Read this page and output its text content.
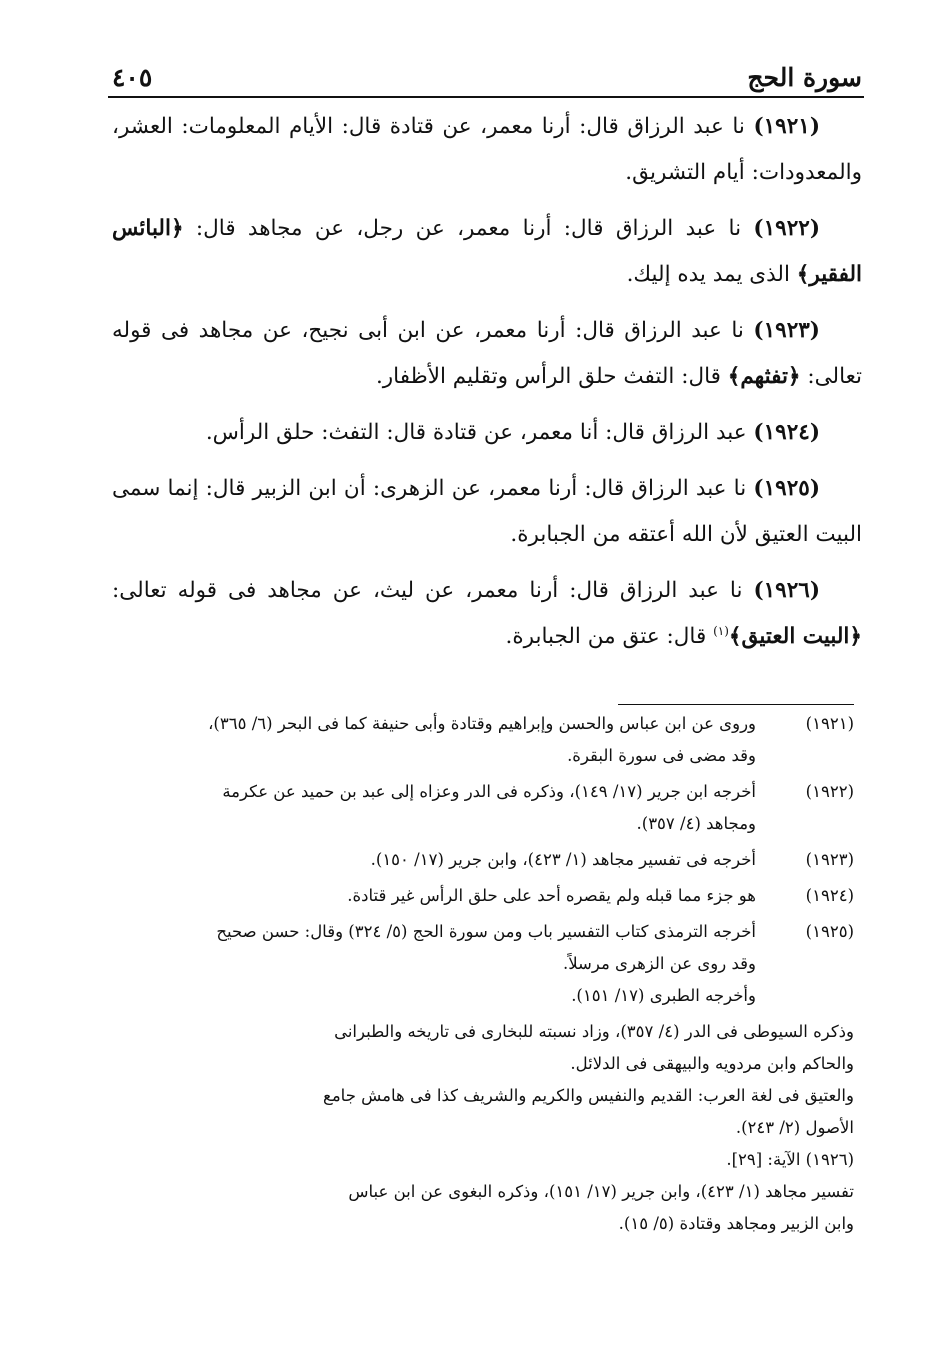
سورة الحج
٤٠٥

(١٩٢١) نا عبد الرزاق قال: أرنا معمر، عن قتادة قال: الأيام المعلومات: العشر، والمعدودات: أيام التشريق.

(١٩٢٢) نا عبد الرزاق قال: أرنا معمر، عن رجل، عن مجاهد قال: ﴿البائس الفقير﴾ الذى يمد يده إليك.

(١٩٢٣) نا عبد الرزاق قال: أرنا معمر، عن ابن أبى نجيح، عن مجاهد فى قوله تعالى: ﴿تفثهم﴾ قال: التفث حلق الرأس وتقليم الأظفار.

(١٩٢٤) عبد الرزاق قال: أنا معمر، عن قتادة قال: التفث: حلق الرأس.

(١٩٢٥) نا عبد الرزاق قال: أرنا معمر، عن الزهرى: أن ابن الزبير قال: إنما سمى البيت العتيق لأن الله أعتقه من الجبابرة.

(١٩٢٦) نا عبد الرزاق قال: أرنا معمر، عن ليث، عن مجاهد فى قوله تعالى: ﴿البيت العتيق﴾$^{(١)}$ قال: عتق من الجبابرة.

(١٩٢١)
وروى عن ابن عباس والحسن وإبراهيم وقتادة وأبى حنيفة كما فى البحر (٦/ ٣٦٥)،
وقد مضى فى سورة البقرة.
(١٩٢٢)
أخرجه ابن جرير (١٧/ ١٤٩)، وذكره فى الدر وعزاه إلى عبد بن حميد عن عكرمة
ومجاهد (٤/ ٣٥٧).
(١٩٢٣)
أخرجه فى تفسير مجاهد (١/ ٤٢٣)، وابن جرير (١٧/ ١٥٠).
(١٩٢٤)
هو جزء مما قبله ولم يقصره أحد على حلق الرأس غير قتادة.
(١٩٢٥)
أخرجه الترمذى كتاب التفسير باب ومن سورة الحج (٥/ ٣٢٤) وقال: حسن صحيح
وقد روى عن الزهرى مرسلاً.
وأخرجه الطبرى (١٧/ ١٥١).
وذكره السيوطى فى الدر (٤/ ٣٥٧)، وزاد نسبته للبخارى فى تاريخه والطبرانى
والحاكم وابن مردويه والبيهقى فى الدلائل.
والعتيق فى لغة العرب: القديم والنفيس والكريم والشريف كذا فى هامش جامع
الأصول (٢/ ٢٤٣).
(١٩٢٦) الآية: [٢٩].
تفسير مجاهد (١/ ٤٢٣)، وابن جرير (١٧/ ١٥١)، وذكره البغوى عن ابن عباس
وابن الزبير ومجاهد وقتادة (٥/ ١٥).
